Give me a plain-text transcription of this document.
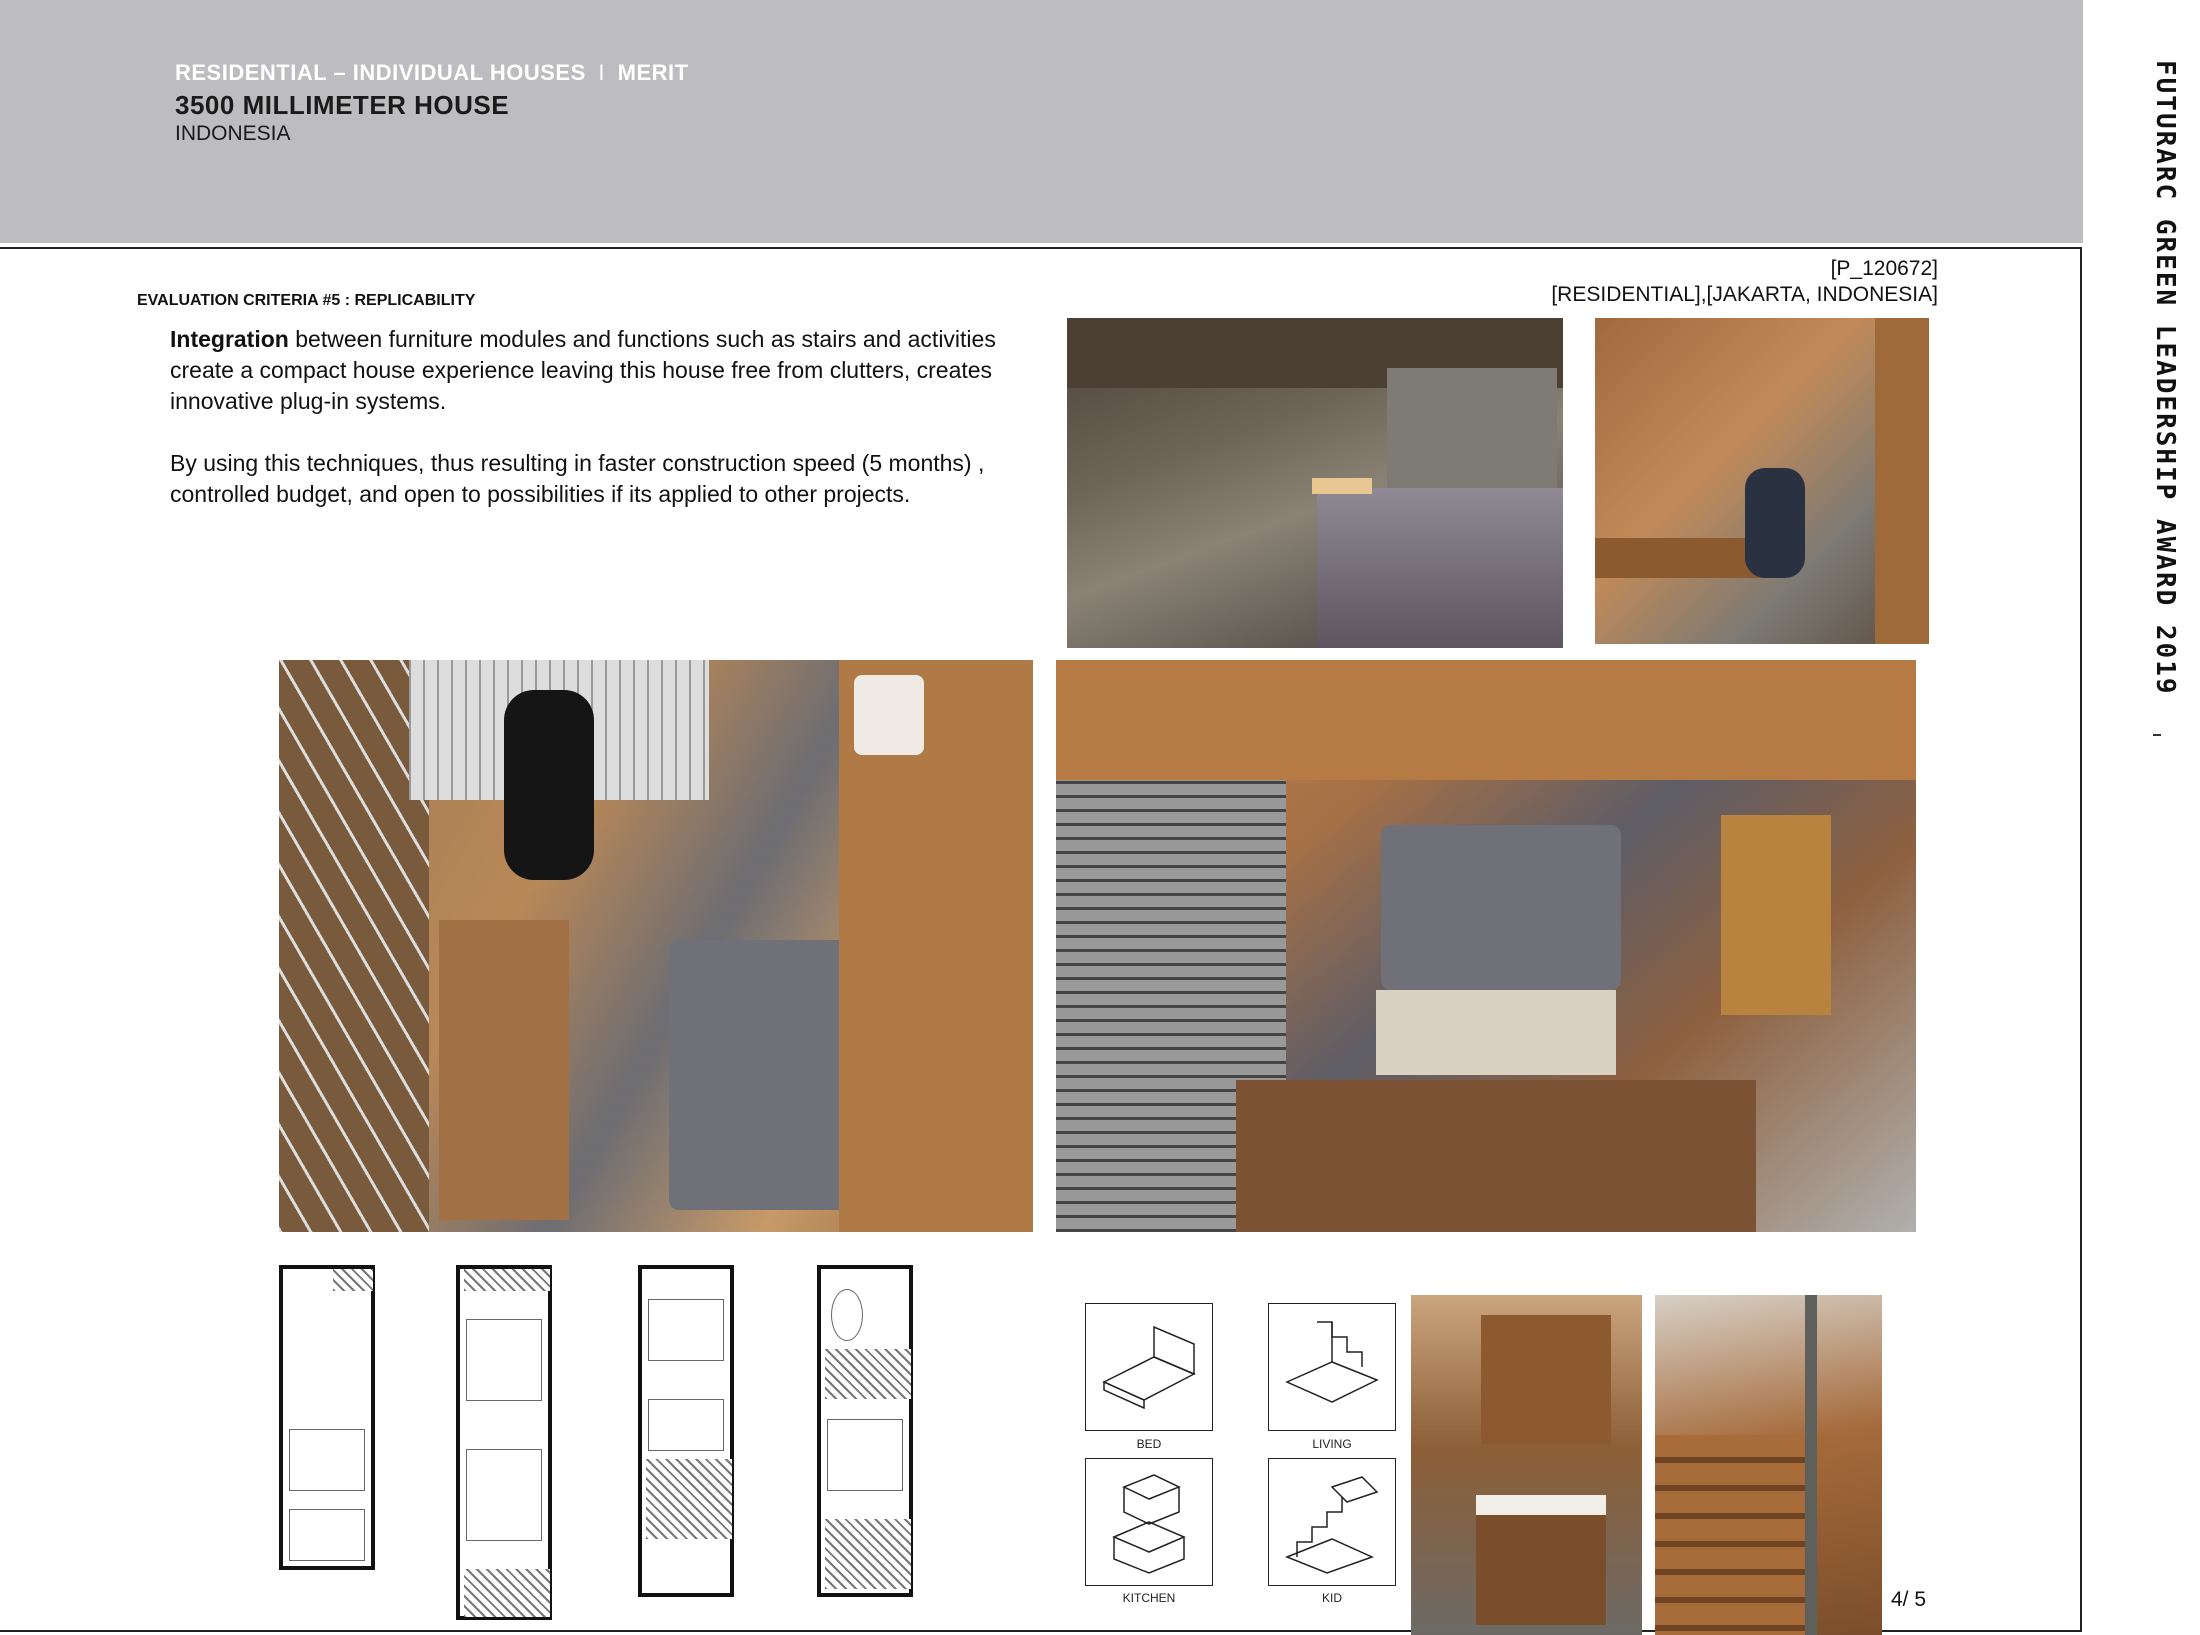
RESIDENTIAL – INDIVIDUAL HOUSES I MERIT
3500 MILLIMETER HOUSE
INDONESIA	FUTURARC GREEN LEADERSHIP AWARD 2019
EVALUATION CRITERIA #5 : REPLICABILITY
[P_120672]
[RESIDENTIAL],[JAKARTA, INDONESIA]
Integration between furniture modules and functions such as stairs and activities create a compact house experience leaving this house free from clutters, creates innovative plug-in systems.
By using this techniques, thus resulting in faster construction speed (5 months) , controlled budget, and open to possibilities if its applied to other projects.
BED	LIVING
KITCHEN	KID	4/ 5
